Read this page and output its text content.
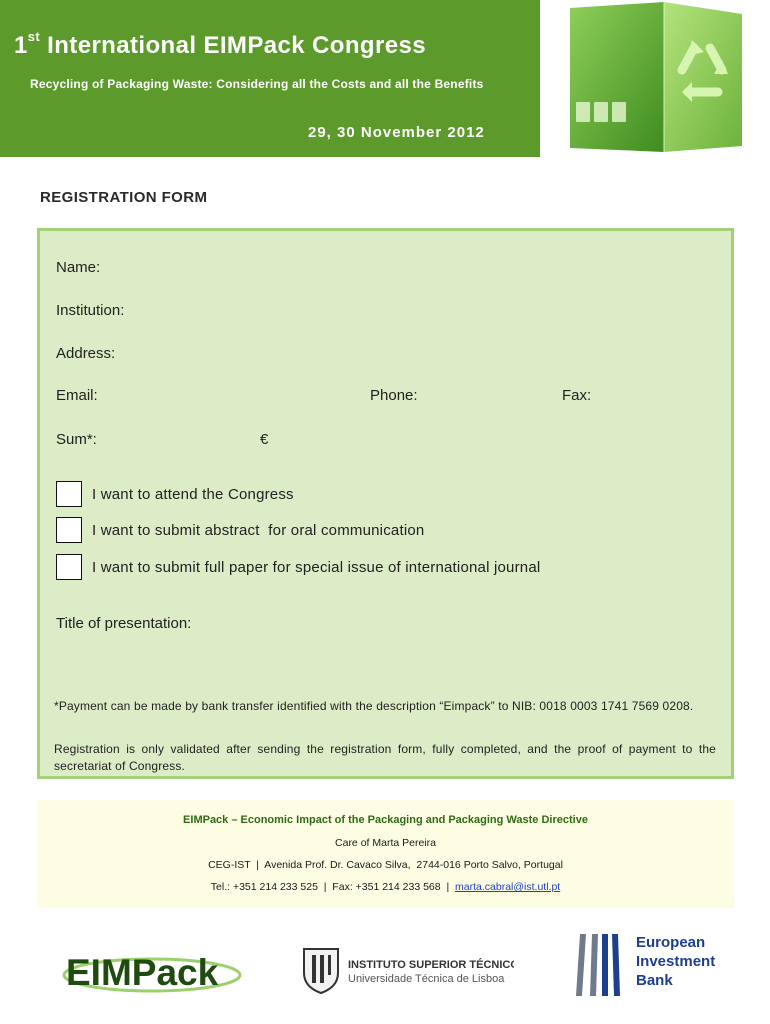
1st International EIMPack Congress
Recycling of Packaging Waste: Considering all the Costs and all the Benefits
29, 30 November 2012
REGISTRATION FORM
Name:
Institution:
Address:
Email:	Phone:	Fax:
Sum*:	€
I want to attend the Congress
I want to submit abstract  for oral communication
I want to submit full paper for special issue of international journal
Title of presentation:
*Payment can be made by bank transfer identified with the description “Eimpack” to NIB: 0018 0003 1741 7569 0208.
Registration is only validated after sending the registration form, fully completed, and the proof of payment to the secretariat of Congress.
EIMPack – Economic Impact of the Packaging and Packaging Waste Directive
Care of Marta Pereira
CEG-IST  |  Avenida Prof. Dr. Cavaco Silva,  2744-016 Porto Salvo, Portugal
Tel.: +351 214 233 525  |  Fax: +351 214 233 568  |  marta.cabral@ist.utl.pt
EIMPack	INSTITUTO SUPERIOR TÉCNICO
Universidade Técnica de Lisboa
European
Investment
Bank
